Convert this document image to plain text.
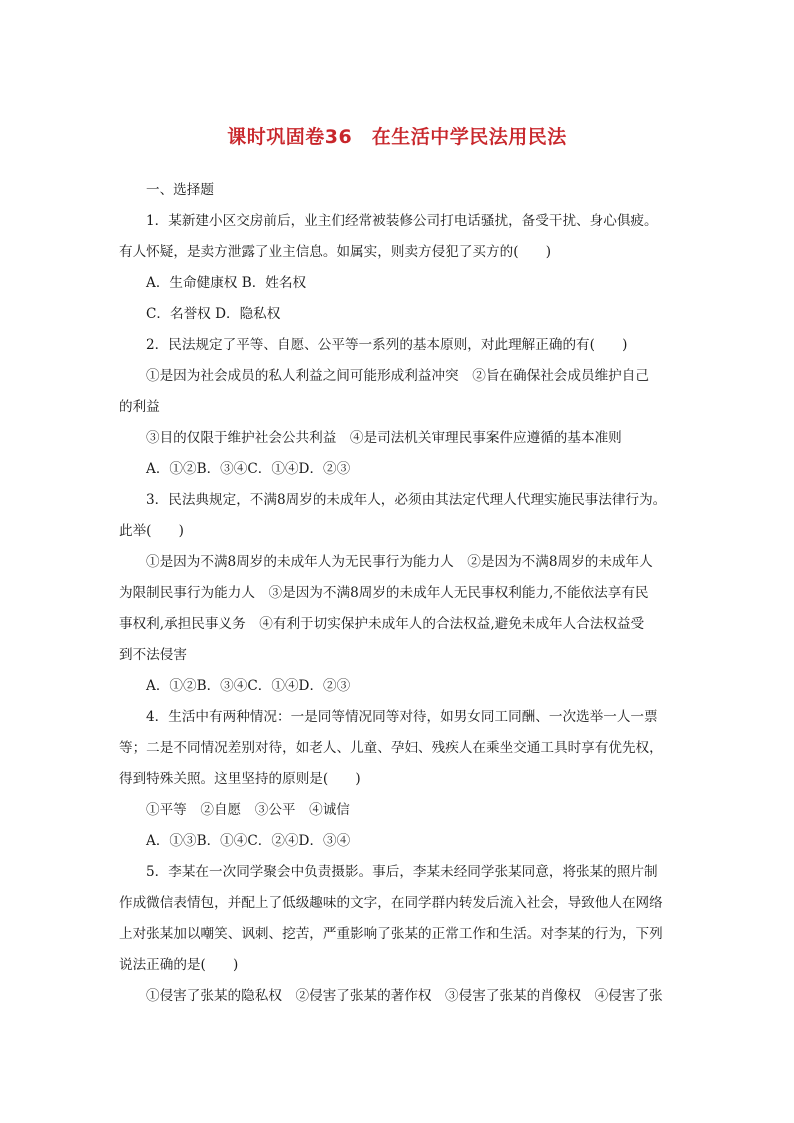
课时巩固卷36　在生活中学民法用民法

一、选择题

1．某新建小区交房前后，业主们经常被装修公司打电话骚扰，备受干扰、身心俱疲。

有人怀疑，是卖方泄露了业主信息。如属实，则卖方侵犯了买方的(　　)

A．生命健康权 B．姓名权

C．名誉权 D．隐私权

2．民法规定了平等、自愿、公平等一系列的基本原则，对此理解正确的有(　　)

①是因为社会成员的私人利益之间可能形成利益冲突　②旨在确保社会成员维护自己

的利益

③目的仅限于维护社会公共利益　④是司法机关审理民事案件应遵循的基本准则

A．①②B．③④C．①④D．②③

3．民法典规定，不满8周岁的未成年人，必须由其法定代理人代理实施民事法律行为。

此举(　　)

①是因为不满8周岁的未成年人为无民事行为能力人　②是因为不满8周岁的未成年人

为限制民事行为能力人　③是因为不满8周岁的未成年人无民事权利能力,不能依法享有民

事权利,承担民事义务　④有利于切实保护未成年人的合法权益,避免未成年人合法权益受

到不法侵害

A．①②B．③④C．①④D．②③

4．生活中有两种情况：一是同等情况同等对待，如男女同工同酬、一次选举一人一票

等；二是不同情况差别对待，如老人、儿童、孕妇、残疾人在乘坐交通工具时享有优先权，

得到特殊关照。这里坚持的原则是(　　)

①平等　②自愿　③公平　④诚信

A．①③B．①④C．②④D．③④

5．李某在一次同学聚会中负责摄影。事后，李某未经同学张某同意，将张某的照片制

作成微信表情包，并配上了低级趣味的文字，在同学群内转发后流入社会，导致他人在网络

上对张某加以嘲笑、讽刺、挖苦，严重影响了张某的正常工作和生活。对李某的行为，下列

说法正确的是(　　)

①侵害了张某的隐私权　②侵害了张某的著作权　③侵害了张某的肖像权　④侵害了张
